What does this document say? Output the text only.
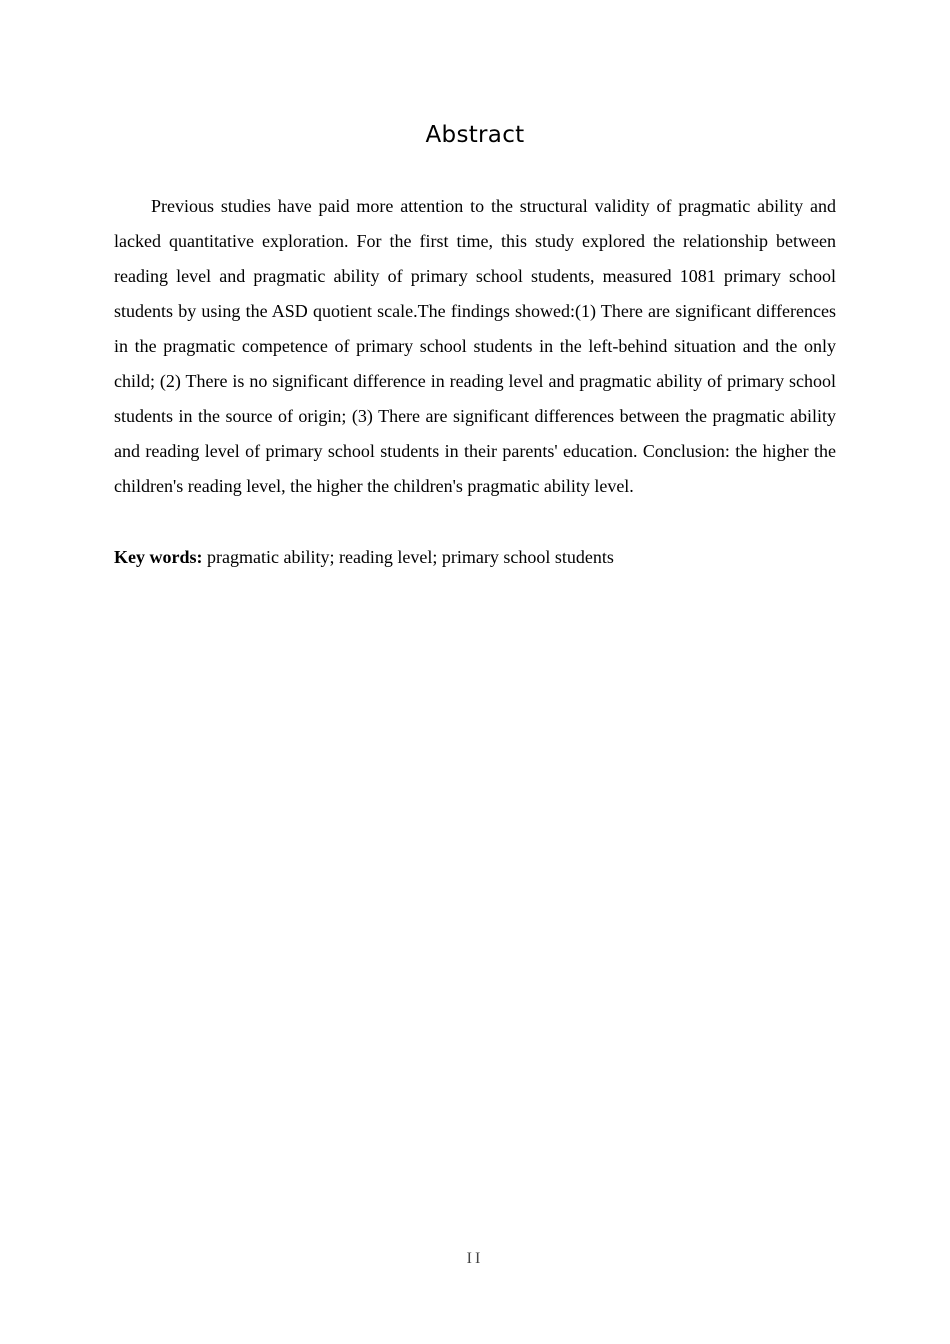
Abstract

Previous studies have paid more attention to the structural validity of pragmatic ability and lacked quantitative exploration. For the first time, this study explored the relationship between reading level and pragmatic ability of primary school students, measured 1081 primary school students by using the ASD quotient scale.The findings showed:(1) There are significant differences in the pragmatic competence of primary school students in the left-behind situation and the only child; (2) There is no significant difference in reading level and pragmatic ability of primary school students in the source of origin; (3) There are significant differences between the pragmatic ability and reading level of primary school students in their parents' education. Conclusion: the higher the children's reading level, the higher the children's pragmatic ability level.

Key words: pragmatic ability; reading level; primary school students

II
